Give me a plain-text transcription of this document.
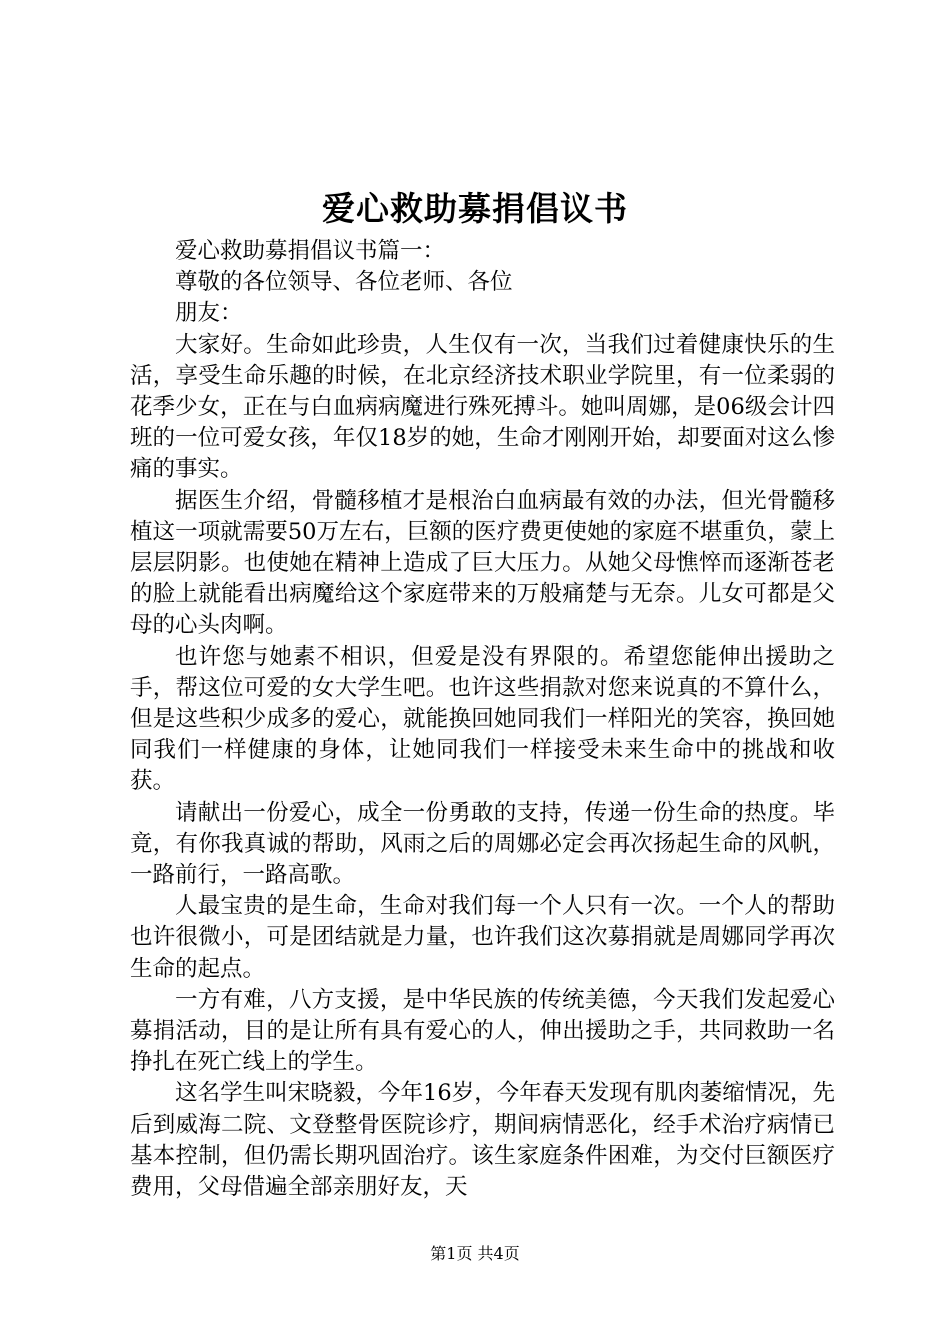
爱心救助募捐倡议书

爱心救助募捐倡议书篇一：

尊敬的各位领导、各位老师、各位

朋友：

大家好。生命如此珍贵，人生仅有一次，当我们过着健康快乐的生活，享受生命乐趣的时候，在北京经济技术职业学院里，有一位柔弱的花季少女，正在与白血病病魔进行殊死搏斗。她叫周娜，是06级会计四班的一位可爱女孩，年仅18岁的她，生命才刚刚开始，却要面对这么惨痛的事实。

据医生介绍，骨髓移植才是根治白血病最有效的办法，但光骨髓移植这一项就需要50万左右，巨额的医疗费更使她的家庭不堪重负，蒙上层层阴影。也使她在精神上造成了巨大压力。从她父母憔悴而逐渐苍老的脸上就能看出病魔给这个家庭带来的万般痛楚与无奈。儿女可都是父母的心头肉啊。

也许您与她素不相识，但爱是没有界限的。希望您能伸出援助之手，帮这位可爱的女大学生吧。也许这些捐款对您来说真的不算什么，但是这些积少成多的爱心，就能换回她同我们一样阳光的笑容，换回她同我们一样健康的身体，让她同我们一样接受未来生命中的挑战和收获。

请献出一份爱心，成全一份勇敢的支持，传递一份生命的热度。毕竟，有你我真诚的帮助，风雨之后的周娜必定会再次扬起生命的风帆，一路前行，一路高歌。

人最宝贵的是生命，生命对我们每一个人只有一次。一个人的帮助也许很微小，可是团结就是力量，也许我们这次募捐就是周娜同学再次生命的起点。

一方有难，八方支援，是中华民族的传统美德，今天我们发起爱心募捐活动，目的是让所有具有爱心的人，伸出援助之手，共同救助一名挣扎在死亡线上的学生。

这名学生叫宋晓毅，今年16岁，今年春天发现有肌肉萎缩情况，先后到威海二院、文登整骨医院诊疗，期间病情恶化，经手术治疗病情已基本控制，但仍需长期巩固治疗。该生家庭条件困难，为交付巨额医疗费用，父母借遍全部亲朋好友，天

第1页 共4页
